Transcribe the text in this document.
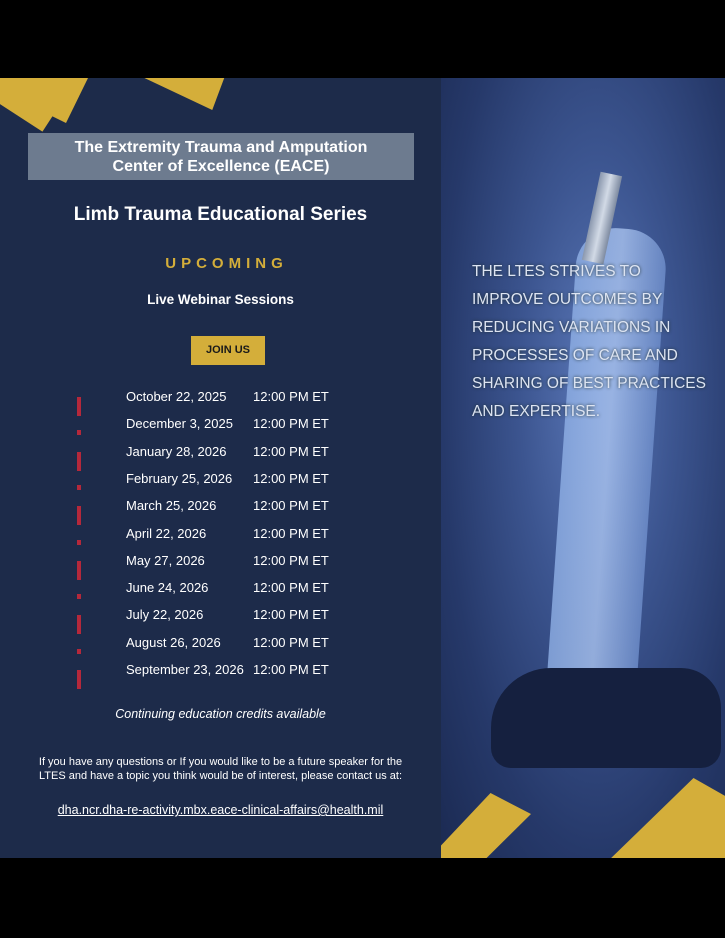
The Extremity Trauma and Amputation
Center of Excellence (EACE)
Limb Trauma Educational Series
UPCOMING
Live Webinar Sessions
JOIN US
October 22, 2025 12:00 PM ET
December 3, 2025 12:00 PM ET
January 28, 2026 12:00 PM ET
February 25, 2026 12:00 PM ET
March 25, 2026	12:00 PM ET
April 22, 2026	12:00 PM ET
May 27, 2026	12:00 PM ET
June 24, 2026	12:00 PM ET
July 22, 2026	12:00 PM ET
August 26, 2026 12:00 PM ET
September 23, 2026 12:00 PM ET
Continuing education credits available
If you have any questions or If you would like to be a future speaker for the LTES and have a topic you think would be of interest, please contact us at:
dha.ncr.dha-re-activity.mbx.eace-clinical-affairs@health.mil
THE LTES STRIVES TO IMPROVE OUTCOMES BY REDUCING VARIATIONS IN PROCESSES OF CARE AND SHARING OF BEST PRACTICES AND EXPERTISE.
